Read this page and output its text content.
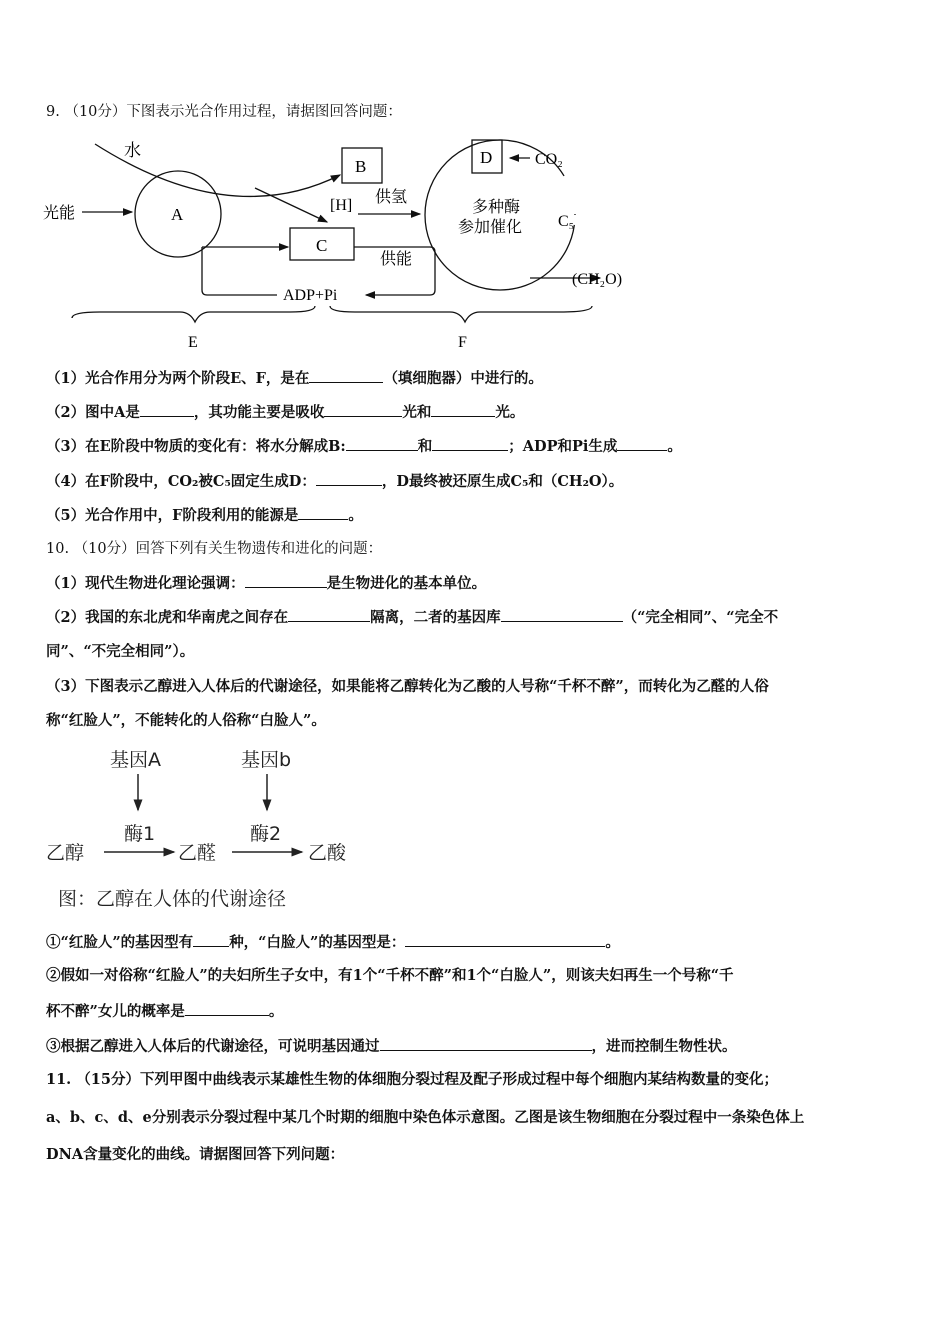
9. （10分）下图表示光合作用过程，请据图回答问题：
水
光能	A
B
[H] 供氢
C
供能
ADP+Pi
D	CO₂
C₅
(CH₂O)
多种酶
参加催化
E	F
（1）光合作用分为两个阶段E、F，是在	（填细胞器）中进行的。
（2）图中A是	，其功能主要是吸收	光和	光。
（3）在E阶段中物质的变化有：将水分解成B:	和	；ADP和Pi生成	。
（4）在F阶段中，CO₂被C₅固定生成D：	，D最终被还原生成C₅和（CH₂O）。
（5）光合作用中，F阶段利用的能源是	。
10. （10分）回答下列有关生物遗传和进化的问题：
（1）现代生物进化理论强调：	是生物进化的基本单位。
（2）我国的东北虎和华南虎之间存在	隔离，二者的基因库	（“完全相同”、“完全不
同”、“不完全相同”）。
（3）下图表示乙醇进入人体后的代谢途径，如果能将乙醇转化为乙酸的人号称“千杯不醉”，而转化为乙醛的人俗
称“红脸人”，不能转化的人俗称“白脸人”。
基因A	基因b
酶1	酶2
乙醇	乙醛	乙酸
图：乙醇在人体的代谢途径
①“红脸人”的基因型有 种，“白脸人”的基因型是：	。
②假如一对俗称“红脸人”的夫妇所生子女中，有1个“千杯不醉”和1个“白脸人”，则该夫妇再生一个号称“千
杯不醉”女儿的概率是	。
③根据乙醇进入人体后的代谢途径，可说明基因通过	，进而控制生物性状。
11. （15分）下列甲图中曲线表示某雄性生物的体细胞分裂过程及配子形成过程中每个细胞内某结构数量的变化；
a、b、c、d、e分别表示分裂过程中某几个时期的细胞中染色体示意图。乙图是该生物细胞在分裂过程中一条染色体上
DNA含量变化的曲线。请据图回答下列问题：
